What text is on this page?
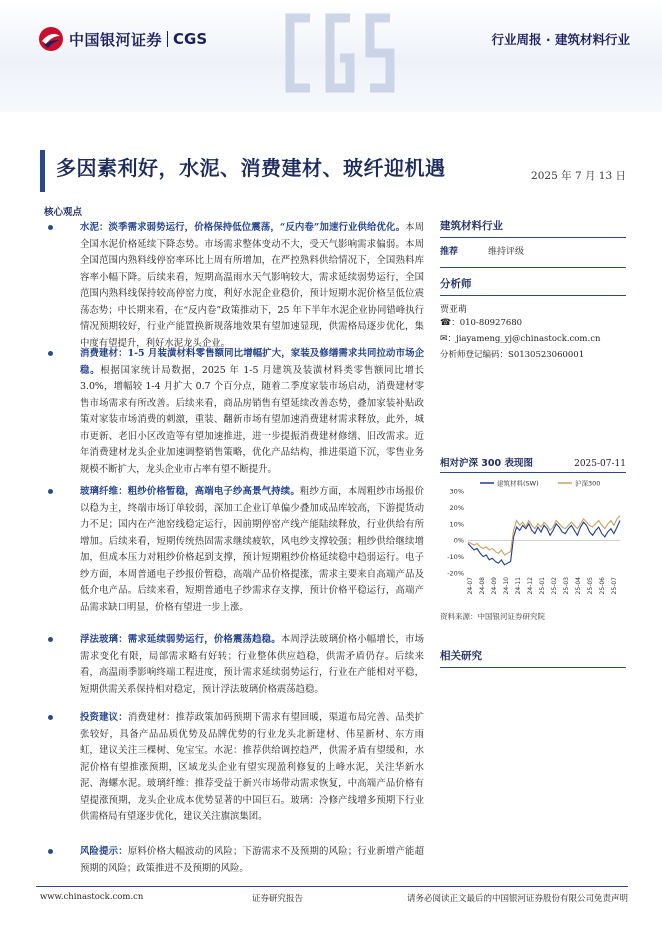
中国银河证券 CGS	行业周报 · 建筑材料行业
多因素利好，水泥、消费建材、玻纤迎机遇	2025 年 7 月 13 日
核心观点
水泥：淡季需求弱势运行，价格保持低位震荡，“反内卷”加速行业供给优化。本周全国水泥价格延续下降态势。市场需求整体变动不大，受天气影响需求偏弱。本周全国范围内熟料线停窑率环比上周有所增加，在严控熟料供给情况下，全国熟料库容率小幅下降。后续来看，短期高温雨水天气影响较大，需求延续弱势运行，全国范围内熟料线保持较高停窑力度，利好水泥企业稳价，预计短期水泥价格呈低位震荡态势；中长期来看，在“反内卷”政策推动下，25 年下半年水泥企业协同错峰执行情况预期较好，行业产能置换新规落地效果有望加速显现，供需格局逐步优化，集中度有望提升，利好水泥龙头企业。
消费建材：1-5 月装潢材料零售额同比增幅扩大，家装及修缮需求共同拉动市场企稳。根据国家统计局数据，2025 年 1-5 月建筑及装潢材料类零售额同比增长 3.0%，增幅较 1-4 月扩大 0.7 个百分点，随着二季度家装市场启动，消费建材零售市场需求有所改善。后续来看，商品房销售有望延续改善态势，叠加家装补贴政策对家装市场消费的刺激，重装、翻新市场有望加速消费建材需求释放，此外，城市更新、老旧小区改造等有望加速推进，进一步提振消费建材修缮、旧改需求。近年消费建材龙头企业加速调整销售策略，优化产品结构，推进渠道下沉，零售业务规模不断扩大，龙头企业市占率有望不断提升。
玻璃纤维：粗纱价格暂稳，高端电子纱高景气持续。粗纱方面，本周粗纱市场报价以稳为主，终端市场订单较弱，深加工企业订单偏少叠加成品库较高，下游提货动力不足；国内在产池窑线稳定运行，因前期停窑产线产能陆续释放，行业供给有所增加。后续来看，短期传统热固需求继续疲软，风电纱支撑较强；粗纱供给继续增加，但成本压力对粗纱价格起到支撑，预计短期粗纱价格延续稳中趋弱运行。电子纱方面，本周普通电子纱报价暂稳，高端产品价格提涨，需求主要来自高端产品及低介电产品。后续来看，短期普通电子纱需求存支撑，预计价格平稳运行，高端产品需求缺口明显，价格有望进一步上涨。
浮法玻璃：需求延续弱势运行，价格震荡趋稳。本周浮法玻璃价格小幅增长，市场需求变化有限，局部需求略有好转；行业整体供应趋稳，供需矛盾仍存。后续来看，高温雨季影响终端工程进度，预计需求延续弱势运行，行业在产能相对平稳，短期供需关系保持相对稳定，预计浮法玻璃价格震荡趋稳。
投资建议：消费建材：推荐政策加码预期下需求有望回暖，渠道布局完善、品类扩张较好，具备产品品质优势及品牌优势的行业龙头北新建材、伟星新材、东方雨虹，建议关注三棵树、兔宝宝。水泥：推荐供给调控趋严，供需矛盾有望缓和，水泥价格有望推涨预期，区域龙头企业有望实现盈利修复的上峰水泥，关注华新水泥、海螺水泥。玻璃纤维：推荐受益于新兴市场带动需求恢复，中高端产品价格有望提涨预期，龙头企业成本优势显著的中国巨石。玻璃：冷修产线增多预期下行业供需格局有望逐步优化，建议关注旗滨集团。
风险提示：原料价格大幅波动的风险；下游需求不及预期的风险；行业新增产能超预期的风险；政策推进不及预期的风险。
建筑材料行业
推荐	维持评级
分析师
贾亚萌
☎：010-80927680
✉：jiayameng_yj@chinastock.com.cn
分析师登记编码：S0130523060001
相对沪深 300 表现图	2025-07-11
建筑材料(SW)	沪深300
30%
20%
10%
0%
-10%
-20%
24-07 24-08 24-09 24-10 24-11 24-12 25-01 25-02 25-03 25-04 25-05 25-06 25-07
资料来源：中国银河证券研究院
相关研究
www.chinastock.com.cn	证券研究报告	请务必阅读正文最后的中国银河证券股份有限公司免责声明
